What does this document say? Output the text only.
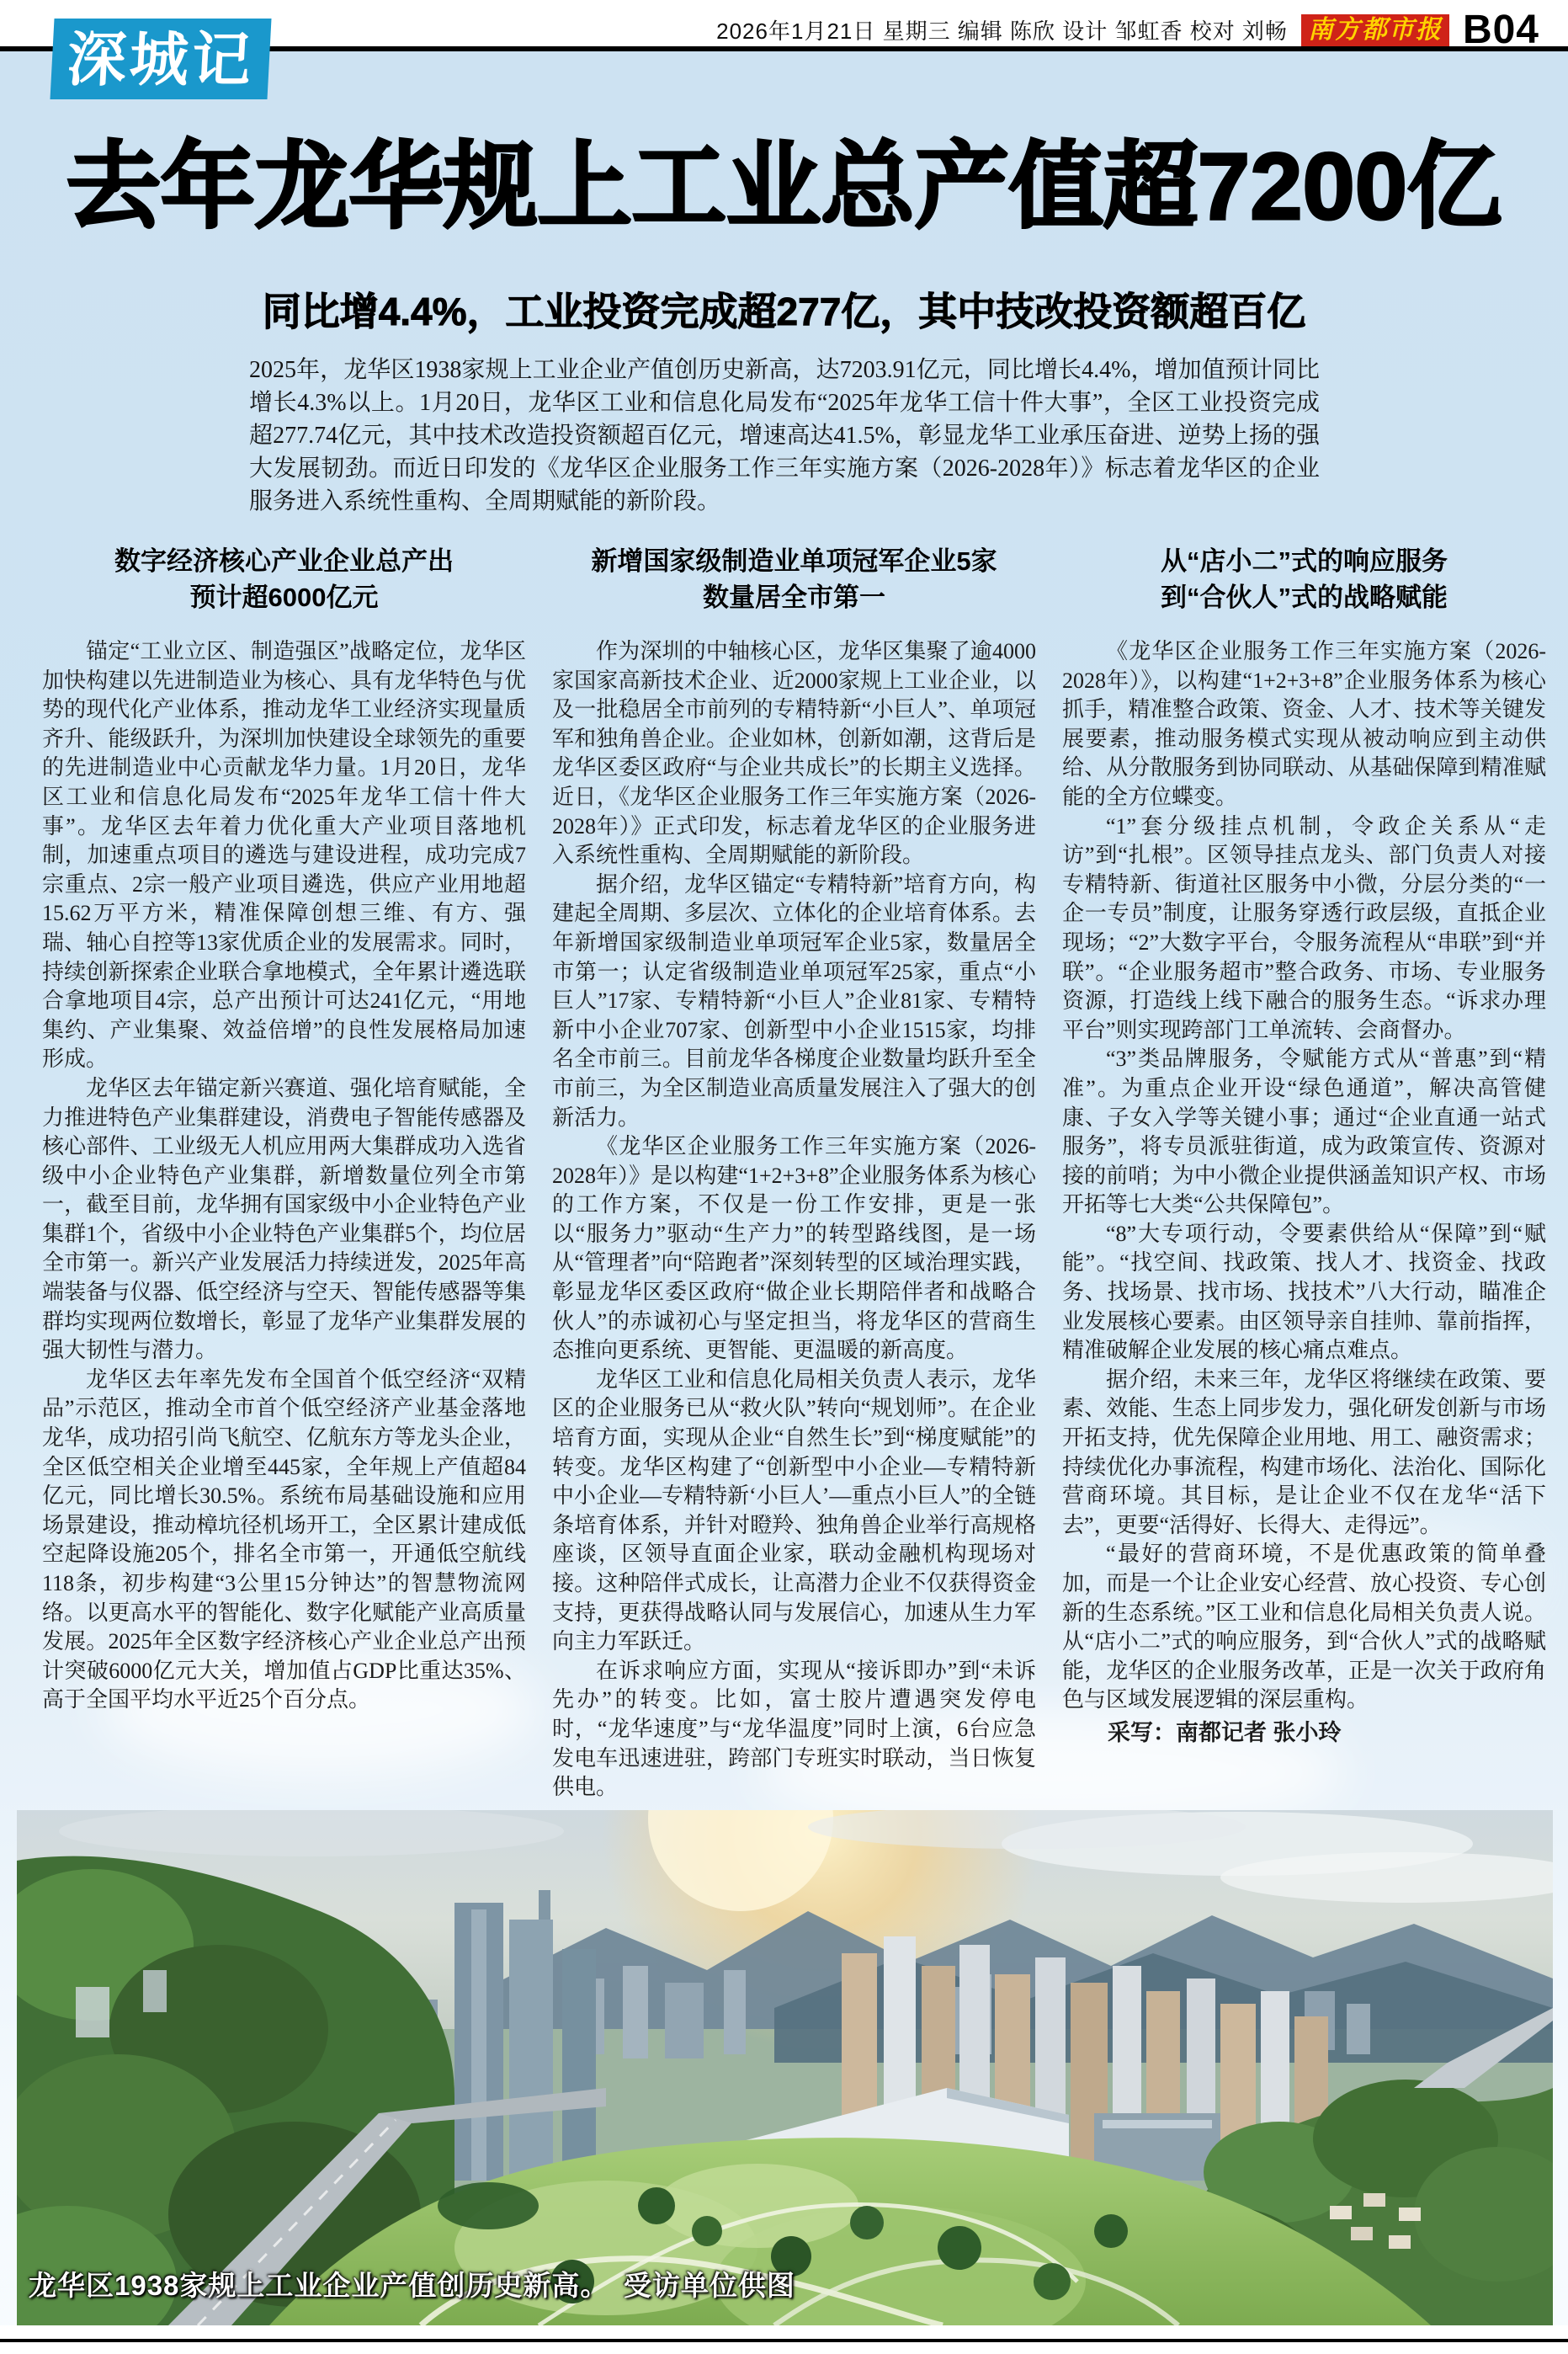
2026年1月21日 星期三 编辑 陈欣 设计 邹虹香 校对 刘畅 南方都市报 B04
深城记
去年龙华规上工业总产值超7200亿
同比增4.4%，工业投资完成超277亿，其中技改投资额超百亿

2025年，龙华区1938家规上工业企业产值创历史新高，达7203.91亿元，同比增长4.4%，增加值预计同比增长4.3%以上。1月20日，龙华区工业和信息化局发布“2025年龙华工信十件大事”，全区工业投资完成超277.74亿元，其中技术改造投资额超百亿元，增速高达41.5%，彰显龙华工业承压奋进、逆势上扬的强大发展韧劲。而近日印发的《龙华区企业服务工作三年实施方案（2026-2028年）》标志着龙华区的企业服务进入系统性重构、全周期赋能的新阶段。

数字经济核心产业企业总产出
预计超6000亿元

锚定“工业立区、制造强区”战略定位，龙华区加快构建以先进制造业为核心、具有龙华特色与优势的现代化产业体系，推动龙华工业经济实现量质齐升、能级跃升，为深圳加快建设全球领先的重要的先进制造业中心贡献龙华力量。1月20日，龙华区工业和信息化局发布“2025年龙华工信十件大事”。龙华区去年着力优化重大产业项目落地机制，加速重点项目的遴选与建设进程，成功完成7宗重点、2宗一般产业项目遴选，供应产业用地超15.62万平方米，精准保障创想三维、有方、强瑞、轴心自控等13家优质企业的发展需求。同时，持续创新探索企业联合拿地模式，全年累计遴选联合拿地项目4宗，总产出预计可达241亿元，“用地集约、产业集聚、效益倍增”的良性发展格局加速形成。

龙华区去年锚定新兴赛道、强化培育赋能，全力推进特色产业集群建设，消费电子智能传感器及核心部件、工业级无人机应用两大集群成功入选省级中小企业特色产业集群，新增数量位列全市第一，截至目前，龙华拥有国家级中小企业特色产业集群1个，省级中小企业特色产业集群5个，均位居全市第一。新兴产业发展活力持续迸发，2025年高端装备与仪器、低空经济与空天、智能传感器等集群均实现两位数增长，彰显了龙华产业集群发展的强大韧性与潜力。

龙华区去年率先发布全国首个低空经济“双精品”示范区，推动全市首个低空经济产业基金落地龙华，成功招引尚飞航空、亿航东方等龙头企业，全区低空相关企业增至445家，全年规上产值超84亿元，同比增长30.5%。系统布局基础设施和应用场景建设，推动樟坑径机场开工，全区累计建成低空起降设施205个，排名全市第一，开通低空航线118条，初步构建“3公里15分钟达”的智慧物流网络。以更高水平的智能化、数字化赋能产业高质量发展。2025年全区数字经济核心产业企业总产出预计突破6000亿元大关，增加值占GDP比重达35%、高于全国平均水平近25个百分点。

新增国家级制造业单项冠军企业5家
数量居全市第一

作为深圳的中轴核心区，龙华区集聚了逾4000家国家高新技术企业、近2000家规上工业企业，以及一批稳居全市前列的专精特新“小巨人”、单项冠军和独角兽企业。企业如林，创新如潮，这背后是龙华区委区政府“与企业共成长”的长期主义选择。近日，《龙华区企业服务工作三年实施方案（2026-2028年）》正式印发，标志着龙华区的企业服务进入系统性重构、全周期赋能的新阶段。

据介绍，龙华区锚定“专精特新”培育方向，构建起全周期、多层次、立体化的企业培育体系。去年新增国家级制造业单项冠军企业5家，数量居全市第一；认定省级制造业单项冠军25家，重点“小巨人”17家、专精特新“小巨人”企业81家、专精特新中小企业707家、创新型中小企业1515家，均排名全市前三。目前龙华各梯度企业数量均跃升至全市前三，为全区制造业高质量发展注入了强大的创新活力。

《龙华区企业服务工作三年实施方案（2026-2028年）》是以构建“1+2+3+8”企业服务体系为核心的工作方案，不仅是一份工作安排，更是一张以“服务力”驱动“生产力”的转型路线图，是一场从“管理者”向“陪跑者”深刻转型的区域治理实践，彰显龙华区委区政府“做企业长期陪伴者和战略合伙人”的赤诚初心与坚定担当，将龙华区的营商生态推向更系统、更智能、更温暖的新高度。

龙华区工业和信息化局相关负责人表示，龙华区的企业服务已从“救火队”转向“规划师”。在企业培育方面，实现从企业“自然生长”到“梯度赋能”的转变。龙华区构建了“创新型中小企业—专精特新中小企业—专精特新‘小巨人’—重点小巨人”的全链条培育体系，并针对瞪羚、独角兽企业举行高规格座谈，区领导直面企业家，联动金融机构现场对接。这种陪伴式成长，让高潜力企业不仅获得资金支持，更获得战略认同与发展信心，加速从生力军向主力军跃迁。

在诉求响应方面，实现从“接诉即办”到“未诉先办”的转变。比如，富士胶片遭遇突发停电时，“龙华速度”与“龙华温度”同时上演，6台应急发电车迅速进驻，跨部门专班实时联动，当日恢复供电。

从“店小二”式的响应服务
到“合伙人”式的战略赋能

《龙华区企业服务工作三年实施方案（2026-2028年）》，以构建“1+2+3+8”企业服务体系为核心抓手，精准整合政策、资金、人才、技术等关键发展要素，推动服务模式实现从被动响应到主动供给、从分散服务到协同联动、从基础保障到精准赋能的全方位蝶变。

“1”套分级挂点机制，令政企关系从“走访”到“扎根”。区领导挂点龙头、部门负责人对接专精特新、街道社区服务中小微，分层分类的“一企一专员”制度，让服务穿透行政层级，直抵企业现场；“2”大数字平台，令服务流程从“串联”到“并联”。“企业服务超市”整合政务、市场、专业服务资源，打造线上线下融合的服务生态。“诉求办理平台”则实现跨部门工单流转、会商督办。

“3”类品牌服务，令赋能方式从“普惠”到“精准”。为重点企业开设“绿色通道”，解决高管健康、子女入学等关键小事；通过“企业直通一站式服务”，将专员派驻街道，成为政策宣传、资源对接的前哨；为中小微企业提供涵盖知识产权、市场开拓等七大类“公共保障包”。

“8”大专项行动，令要素供给从“保障”到“赋能”。“找空间、找政策、找人才、找资金、找政务、找场景、找市场、找技术”八大行动，瞄准企业发展核心要素。由区领导亲自挂帅、靠前指挥，精准破解企业发展的核心痛点难点。

据介绍，未来三年，龙华区将继续在政策、要素、效能、生态上同步发力，强化研发创新与市场开拓支持，优先保障企业用地、用工、融资需求；持续优化办事流程，构建市场化、法治化、国际化营商环境。其目标，是让企业不仅在龙华“活下去”，更要“活得好、长得大、走得远”。

“最好的营商环境，不是优惠政策的简单叠加，而是一个让企业安心经营、放心投资、专心创新的生态系统。”区工业和信息化局相关负责人说。从“店小二”式的响应服务，到“合伙人”式的战略赋能，龙华区的企业服务改革，正是一次关于政府角色与区域发展逻辑的深层重构。

采写：南都记者 张小玲

龙华区1938家规上工业企业产值创历史新高。　受访单位供图
